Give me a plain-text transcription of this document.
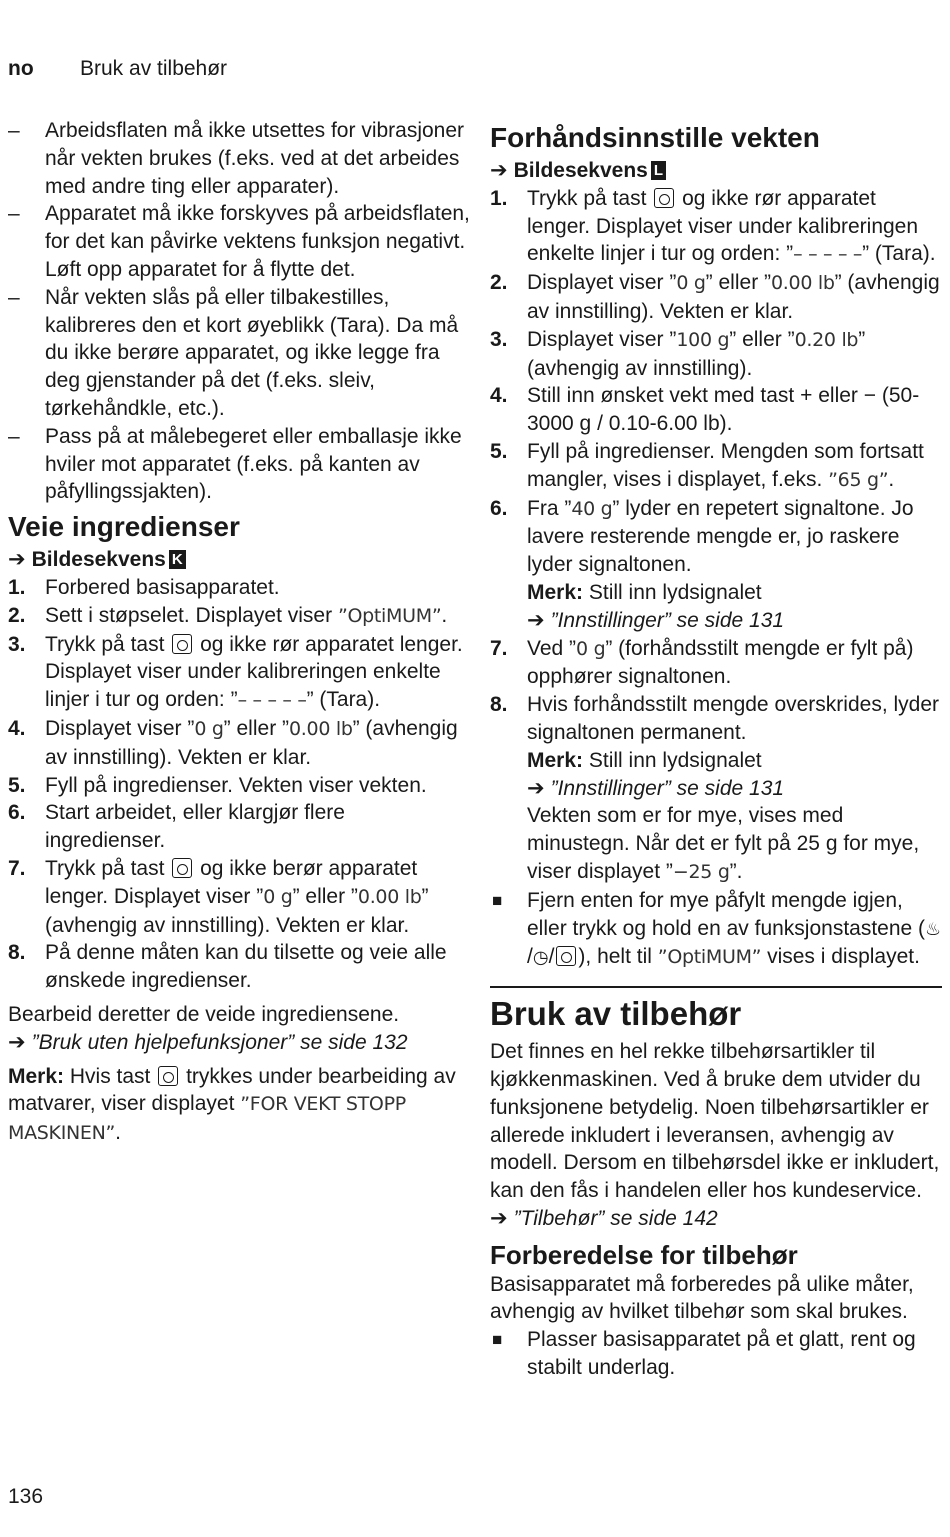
no Bruk av tilbehør
– Arbeidsflaten må ikke utsettes for vibrasjoner når vekten brukes (f.eks. ved at det arbeides med andre ting eller apparater).
– Apparatet må ikke forskyves på arbeidsflaten, for det kan påvirke vektens funksjon negativt. Løft opp apparatet for å flytte det.
– Når vekten slås på eller tilbakestilles, kalibreres den et kort øyeblikk (Tara). Da må du ikke berøre apparatet, og ikke legge fra deg gjenstander på det (f.eks. sleiv, tørkehåndkle, etc.).
– Pass på at målebegeret eller emballasje ikke hviler mot apparatet (f.eks. på kanten av påfyllingssjakten).
Veie ingredienser

➔ Bildesekvens K

1. Forbered basisapparatet.
2. Sett i støpselet. Displayet viser ”OptiMUM”.
3. Trykk på tast og ikke rør apparatet lenger. Displayet viser under kalibreringen enkelte linjer i tur og orden: ”– – – – –” (Tara).
4. Displayet viser ”0 g” eller ”0.00 lb” (avhengig av innstilling). Vekten er klar.
5. Fyll på ingredienser. Vekten viser vekten.
6. Start arbeidet, eller klargjør flere ingredienser.
7. Trykk på tast og ikke berør apparatet lenger. Displayet viser ”0 g” eller ”0.00 lb” (avhengig av innstilling). Vekten er klar.
8. På denne måten kan du tilsette og veie alle ønskede ingredienser.

Bearbeid deretter de veide ingrediensene.

➔ ”Bruk uten hjelpefunksjoner” se side 132

Merk: Hvis tast trykkes under bearbeiding av matvarer, viser displayet ”FOR VEKT STOPP MASKINEN”.

Forhåndsinnstille vekten

➔ Bildesekvens L

1. Trykk på tast og ikke rør apparatet lenger. Displayet viser under kalibreringen enkelte linjer i tur og orden: ”– – – – –” (Tara).
2. Displayet viser ”0 g” eller ”0.00 lb” (avhengig av innstilling). Vekten er klar.
3. Displayet viser ”100 g” eller ”0.20 lb” (avhengig av innstilling).
4. Still inn ønsket vekt med tast + eller − (50-3000 g / 0.10-6.00 lb).
5. Fyll på ingredienser. Mengden som fortsatt mangler, vises i displayet, f.eks. ”65 g”.
6. Fra ”40 g” lyder en repetert signaltone. Jo lavere resterende mengde er, jo raskere lyder signaltonen.
Merk: Still inn lydsignalet
➔ ”Innstillinger” se side 131
7. Ved ”0 g” (forhåndsstilt mengde er fylt på) opphører signaltonen.
8. Hvis forhåndsstilt mengde overskrides, lyder signaltonen permanent.
Merk: Still inn lydsignalet
➔ ”Innstillinger” se side 131
Vekten som er for mye, vises med minustegn. Når det er fylt på 25 g for mye, viser displayet ”−25 g”.
■ Fjern enten for mye påfylt mengde igjen, eller trykk og hold en av funksjonstastene (♨/◷/ ), helt til ”OptiMUM” vises i displayet.
Bruk av tilbehør

Det finnes en hel rekke tilbehørsartikler til kjøkkenmaskinen. Ved å bruke dem utvider du funksjonene betydelig. Noen tilbehørsartikler er allerede inkludert i leveransen, avhengig av modell. Dersom en tilbehørsdel ikke er inkludert, kan den fås i handelen eller hos kundeservice. ➔ ”Tilbehør” se side 142

Forberedelse for tilbehør

Basisapparatet må forberedes på ulike måter, avhengig av hvilket tilbehør som skal brukes.

■ Plasser basisapparatet på et glatt, rent og stabilt underlag.
136
